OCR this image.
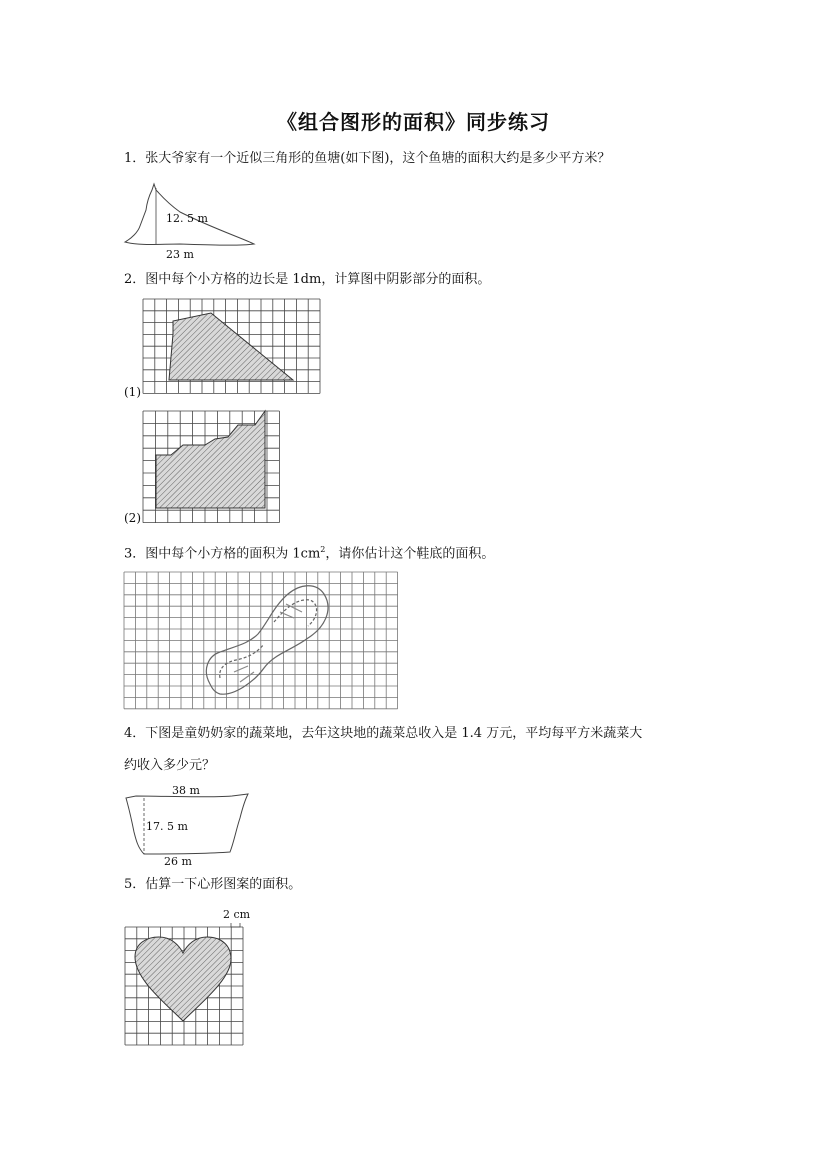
《组合图形的面积》同步练习
1．张大爷家有一个近似三角形的鱼塘(如下图)，这个鱼塘的面积大约是多少平方米？
12. 5 m
23 m
2．图中每个小方格的边长是 1dm，计算图中阴影部分的面积。
(1)
(2)
3．图中每个小方格的面积为 $1cm^2$，请你估计这个鞋底的面积。
4．下图是童奶奶家的蔬菜地，去年这块地的蔬菜总收入是 1.4 万元，平均每平方米蔬菜大
约收入多少元？
38 m
17. 5 m
26 m
5．估算一下心形图案的面积。
2 cm
